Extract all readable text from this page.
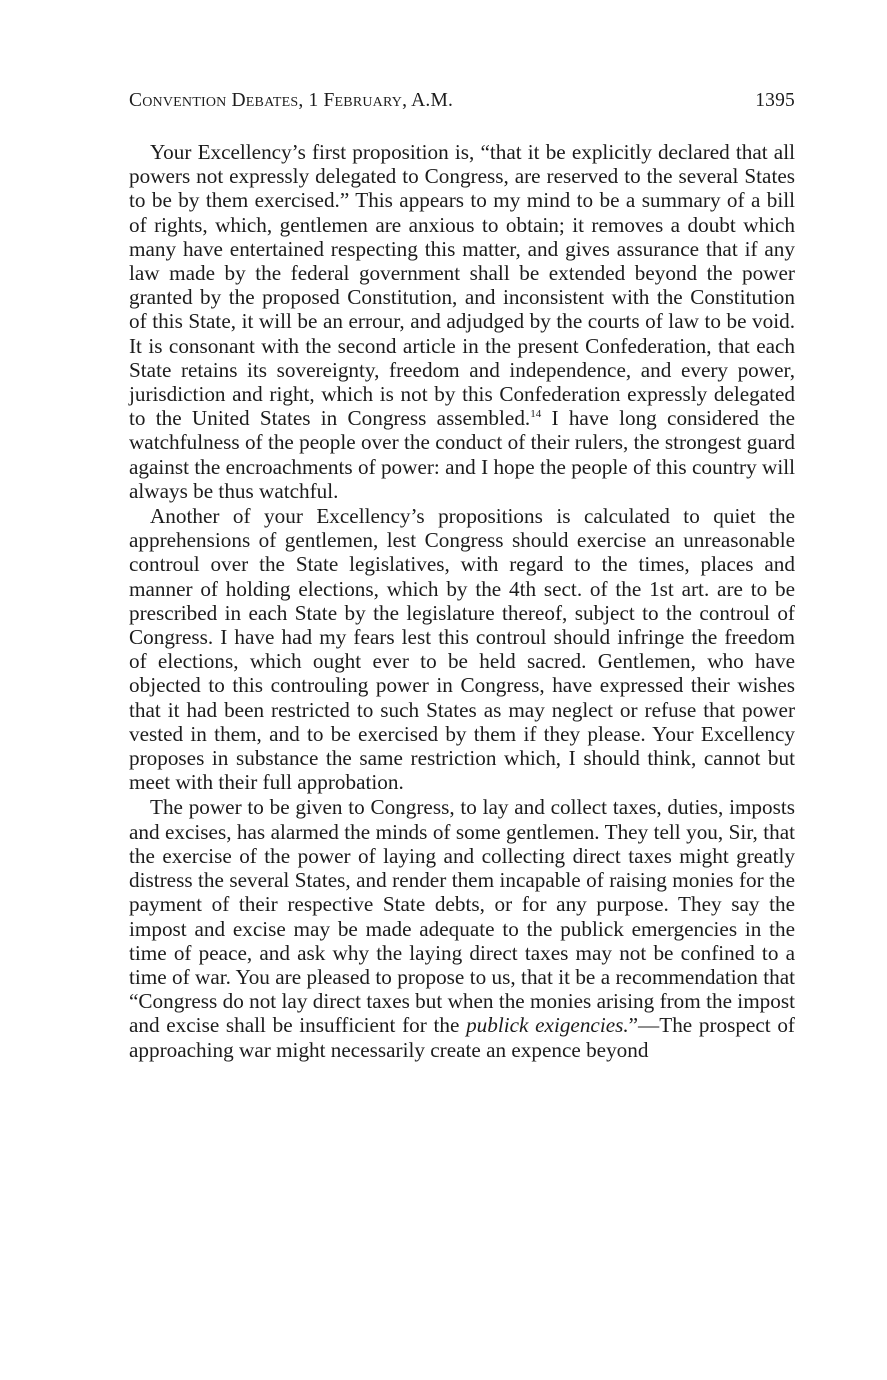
Convention Debates, 1 February, A.M.	1395

Your Excellency’s first proposition is, “that it be explicitly declared that all powers not expressly delegated to Congress, are reserved to the several States to be by them exercised.” This appears to my mind to be a summary of a bill of rights, which, gentlemen are anxious to obtain; it removes a doubt which many have entertained respecting this matter, and gives assurance that if any law made by the federal government shall be extended beyond the power granted by the proposed Constitution, and inconsistent with the Constitution of this State, it will be an errour, and adjudged by the courts of law to be void. It is consonant with the second article in the present Confederation, that each State retains its sovereignty, freedom and independence, and every power, jurisdiction and right, which is not by this Confederation expressly delegated to the United States in Congress assembled.$^{14}$ I have long considered the watchfulness of the people over the conduct of their rulers, the strongest guard against the encroachments of power: and I hope the people of this country will always be thus watchful.

Another of your Excellency’s propositions is calculated to quiet the apprehensions of gentlemen, lest Congress should exercise an unreasonable controul over the State legislatives, with regard to the times, places and manner of holding elections, which by the 4th sect. of the 1st art. are to be prescribed in each State by the legislature thereof, subject to the controul of Congress. I have had my fears lest this controul should infringe the freedom of elections, which ought ever to be held sacred. Gentlemen, who have objected to this controuling power in Congress, have expressed their wishes that it had been restricted to such States as may neglect or refuse that power vested in them, and to be exercised by them if they please. Your Excellency proposes in substance the same restriction which, I should think, cannot but meet with their full approbation.

The power to be given to Congress, to lay and collect taxes, duties, imposts and excises, has alarmed the minds of some gentlemen. They tell you, Sir, that the exercise of the power of laying and collecting direct taxes might greatly distress the several States, and render them incapable of raising monies for the payment of their respective State debts, or for any purpose. They say the impost and excise may be made adequate to the publick emergencies in the time of peace, and ask why the laying direct taxes may not be confined to a time of war. You are pleased to propose to us, that it be a recommendation that “Congress do not lay direct taxes but when the monies arising from the impost and excise shall be insufficient for the publick exigencies.”—The prospect of approaching war might necessarily create an expence beyond
